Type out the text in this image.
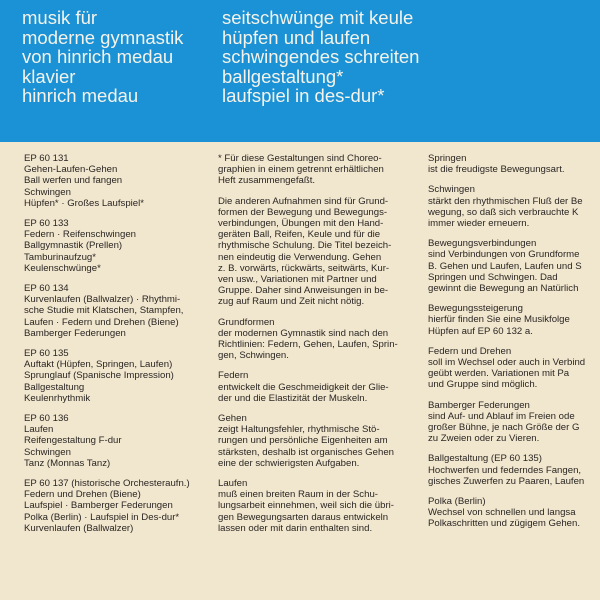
musik für
moderne gymnastik
von hinrich medau
klavier
hinrich medau
seitschwünge mit keule
hüpfen und laufen
schwingendes schreiten
ballgestaltung*
laufspiel in des-dur*
EP 60 131
Gehen-Laufen-Gehen
Ball werfen und fangen
Schwingen
Hüpfen* · Großes Laufspiel*
EP 60 133
Federn · Reifenschwingen
Ballgymnastik (Prellen)
Tamburinaufzug*
Keulenschwünge*
EP 60 134
Kurvenlaufen (Ballwalzer) · Rhythmi-
sche Studie mit Klatschen, Stampfen,
Laufen · Federn und Drehen (Biene)
Bamberger Federungen
EP 60 135
Auftakt (Hüpfen, Springen, Laufen)
Sprunglauf (Spanische Impression)
Ballgestaltung
Keulenrhythmik
EP 60 136
Laufen
Reifengestaltung F-dur
Schwingen
Tanz (Monnas Tanz)
EP 60 137 (historische Orchesteraufn.)
Federn und Drehen (Biene)
Laufspiel · Bamberger Federungen
Polka (Berlin) · Laufspiel in Des-dur*
Kurvenlaufen (Ballwalzer)
* Für diese Gestaltungen sind Choreo-
graphien in einem getrennt erhältlichen
Heft zusammengefaßt.
Die anderen Aufnahmen sind für Grund-
formen der Bewegung und Bewegungs-
verbindungen, Übungen mit den Hand-
geräten Ball, Reifen, Keule und für die
rhythmische Schulung. Die Titel bezeich-
nen eindeutig die Verwendung. Gehen
z. B. vorwärts, rückwärts, seitwärts, Kur-
ven usw., Variationen mit Partner und
Gruppe. Daher sind Anweisungen in be-
zug auf Raum und Zeit nicht nötig.
Grundformen
der modernen Gymnastik sind nach den
Richtlinien: Federn, Gehen, Laufen, Sprin-
gen, Schwingen.
Federn
entwickelt die Geschmeidigkeit der Glie-
der und die Elastizität der Muskeln.
Gehen
zeigt Haltungsfehler, rhythmische Stö-
rungen und persönliche Eigenheiten am
stärksten, deshalb ist organisches Gehen
eine der schwierigsten Aufgaben.
Laufen
muß einen breiten Raum in der Schu-
lungsarbeit einnehmen, weil sich die übri-
gen Bewegungsarten daraus entwickeln
lassen oder mit darin enthalten sind.
Springen
ist die freudigste Bewegungsart.
Schwingen
stärkt den rhythmischen Fluß der Be
wegung, so daß sich verbrauchte K
immer wieder erneuern.
Bewegungsverbindungen
sind Verbindungen von Grundforme
B. Gehen und Laufen, Laufen und S
Springen und Schwingen. Dad
gewinnt die Bewegung an Natürlich
Bewegungssteigerung
hierfür finden Sie eine Musikfolge
Hüpfen auf EP 60 132 a.
Federn und Drehen
soll im Wechsel oder auch in Verbind
geübt werden. Variationen mit Pa
und Gruppe sind möglich.
Bamberger Federungen
sind Auf- und Ablauf im Freien ode
großer Bühne, je nach Größe der G
zu Zweien oder zu Vieren.
Ballgestaltung (EP 60 135)
Hochwerfen und federndes Fangen,
gisches Zuwerfen zu Paaren, Laufen
Polka (Berlin)
Wechsel von schnellen und langsa
Polkaschritten und zügigem Gehen.
